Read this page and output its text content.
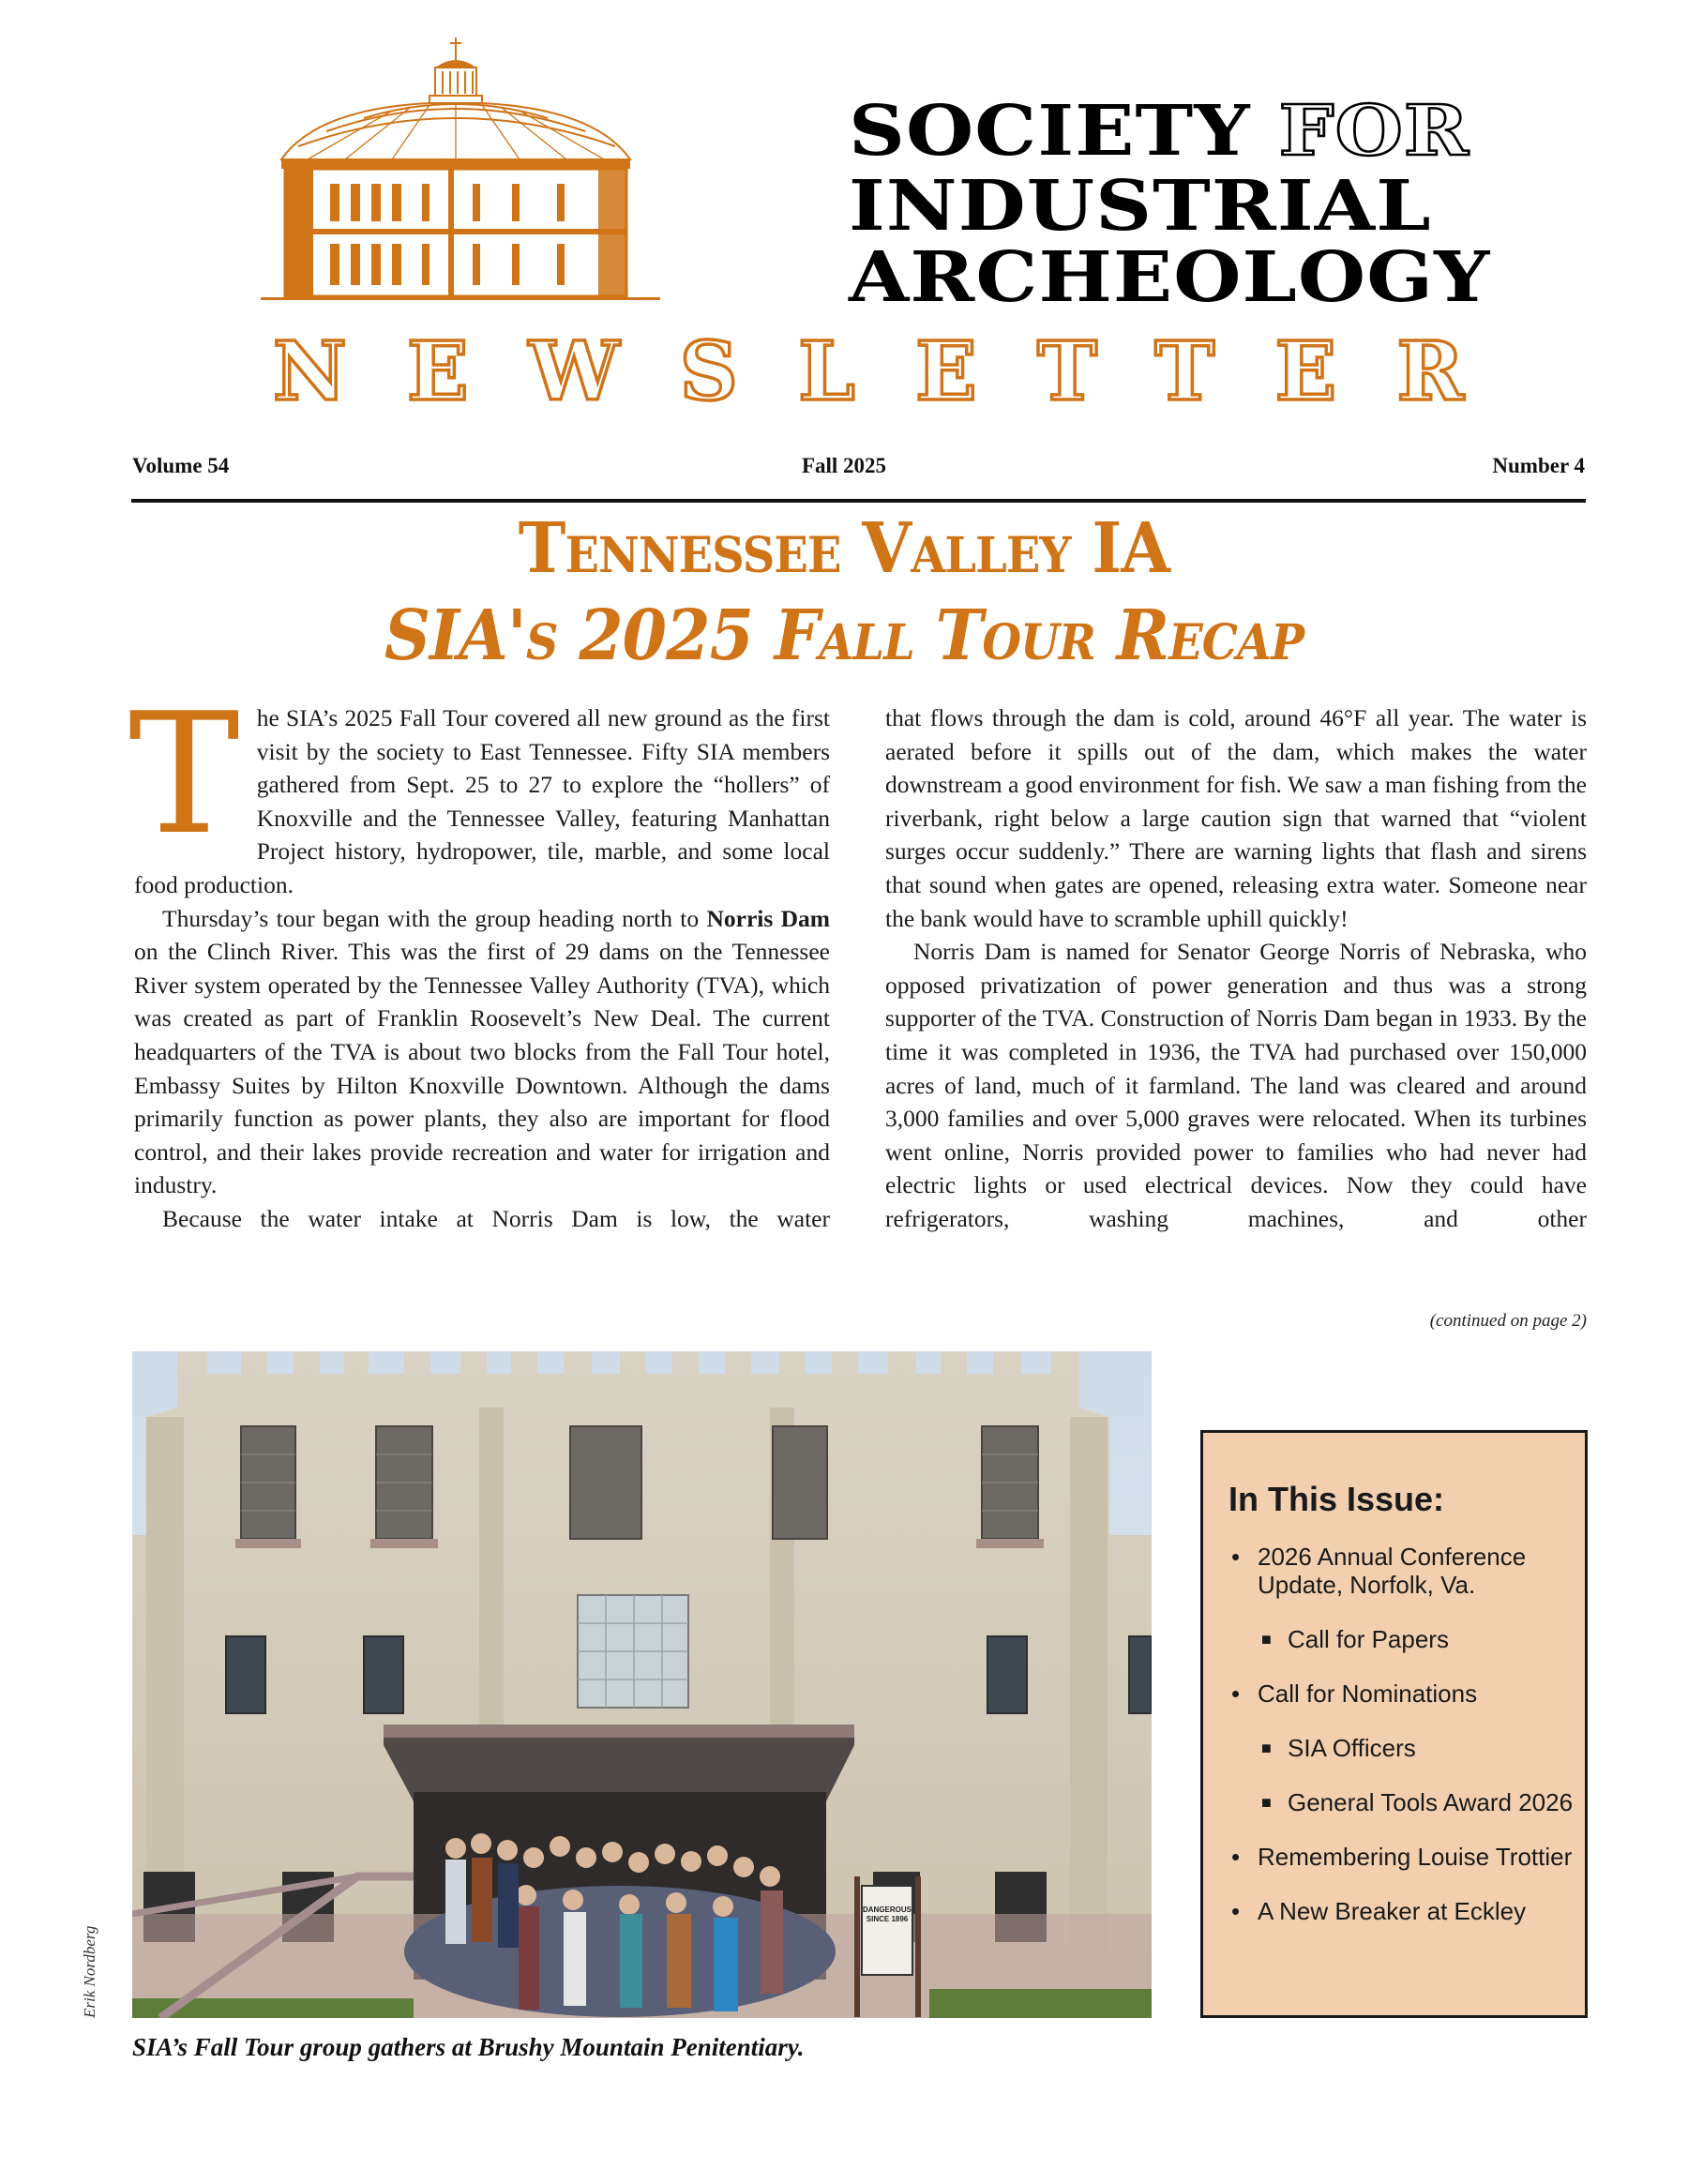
SOCIETY FOR
INDUSTRIAL
ARCHEOLOGY
NEWSLETTER
Volume 54	Fall 2025	Number 4
Tennessee Valley IA
SIA's 2025 Fall Tour Recap

The SIA’s 2025 Fall Tour covered all new ground as the first visit by the society to East Tennessee. Fifty SIA members gathered from Sept. 25 to 27 to explore the “hollers” of Knoxville and the Tennessee Valley, featuring Manhattan Project history, hydropower, tile, marble, and some local food production.

Thursday’s tour began with the group heading north to Norris Dam on the Clinch River. This was the first of 29 dams on the Tennessee River system operated by the Tennessee Valley Authority (TVA), which was created as part of Franklin Roosevelt’s New Deal. The current headquarters of the TVA is about two blocks from the Fall Tour hotel, Embassy Suites by Hilton Knoxville Downtown. Although the dams primarily function as power plants, they also are important for flood control, and their lakes provide recreation and water for irrigation and industry.

Because the water intake at Norris Dam is low, the water

that flows through the dam is cold, around 46°F all year. The water is aerated before it spills out of the dam, which makes the water downstream a good environment for fish. We saw a man fishing from the riverbank, right below a large caution sign that warned that “violent surges occur suddenly.” There are warning lights that flash and sirens that sound when gates are opened, releasing extra water. Someone near the bank would have to scramble uphill quickly!

Norris Dam is named for Senator George Norris of Nebraska, who opposed privatization of power generation and thus was a strong supporter of the TVA. Construction of Norris Dam began in 1933. By the time it was completed in 1936, the TVA had purchased over 150,000 acres of land, much of it farmland. The land was cleared and around 3,000 families and over 5,000 graves were relocated. When its turbines went online, Norris provided power to families who had never had electric lights or used electrical devices. Now they could have refrigerators, washing machines, and other

(continued on page 2)
DANGEROUS
SINCE 1896
Erik Nordberg
SIA’s Fall Tour group gathers at Brushy Mountain Penitentiary.
In This Issue:
• 2026 Annual Conference Update, Norfolk, Va.
■ Call for Papers
• Call for Nominations
■ SIA Officers
■ General Tools Award 2026
• Remembering Louise Trottier
• A New Breaker at Eckley
